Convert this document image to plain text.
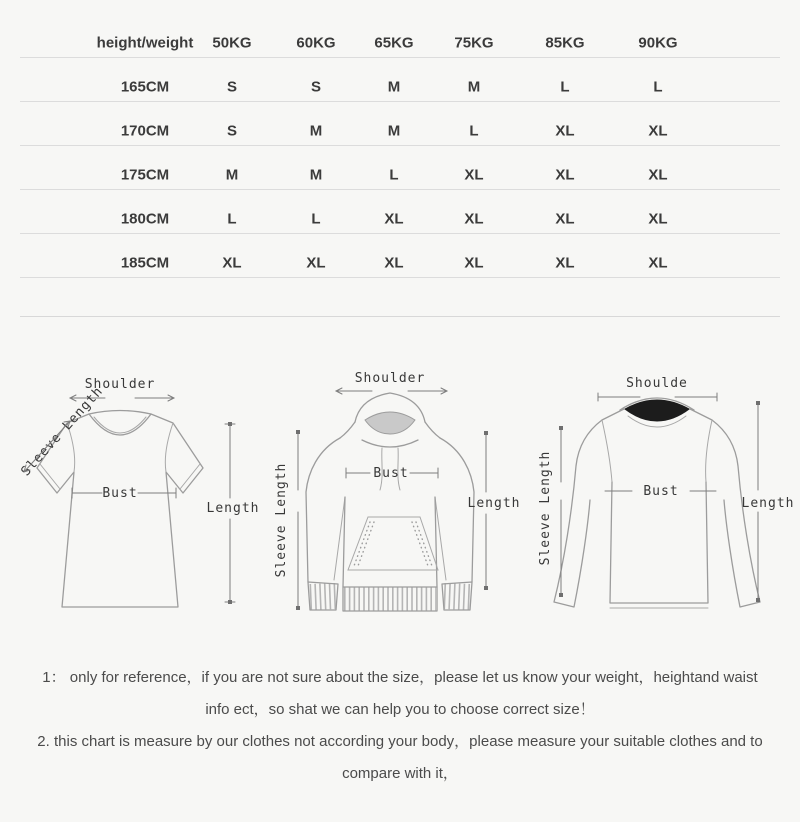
height/weight 50KG	60KG	65KG	75KG	85KG	90KG
165CM	S	S	M	M	L	L
170CM	S	M	M	L	XL	XL
175CM	M	M	L	XL	XL	XL
180CM	L	L	XL	XL	XL	XL
185CM	XL	XL	XL	XL	XL	XL
Shoulder
Sleeve Length
Bust
Length
Shoulder
Sleeve Length	Bust
Length
Shoulde
Sleeve Length	Bust
Length

1： only for reference，if you are not sure about the size，please let us know your weight，heightand waist

info ect，so shat we can help you to choose correct size！

2. this chart is measure by our clothes not according your body，please measure your suitable clothes and to

compare with it，
